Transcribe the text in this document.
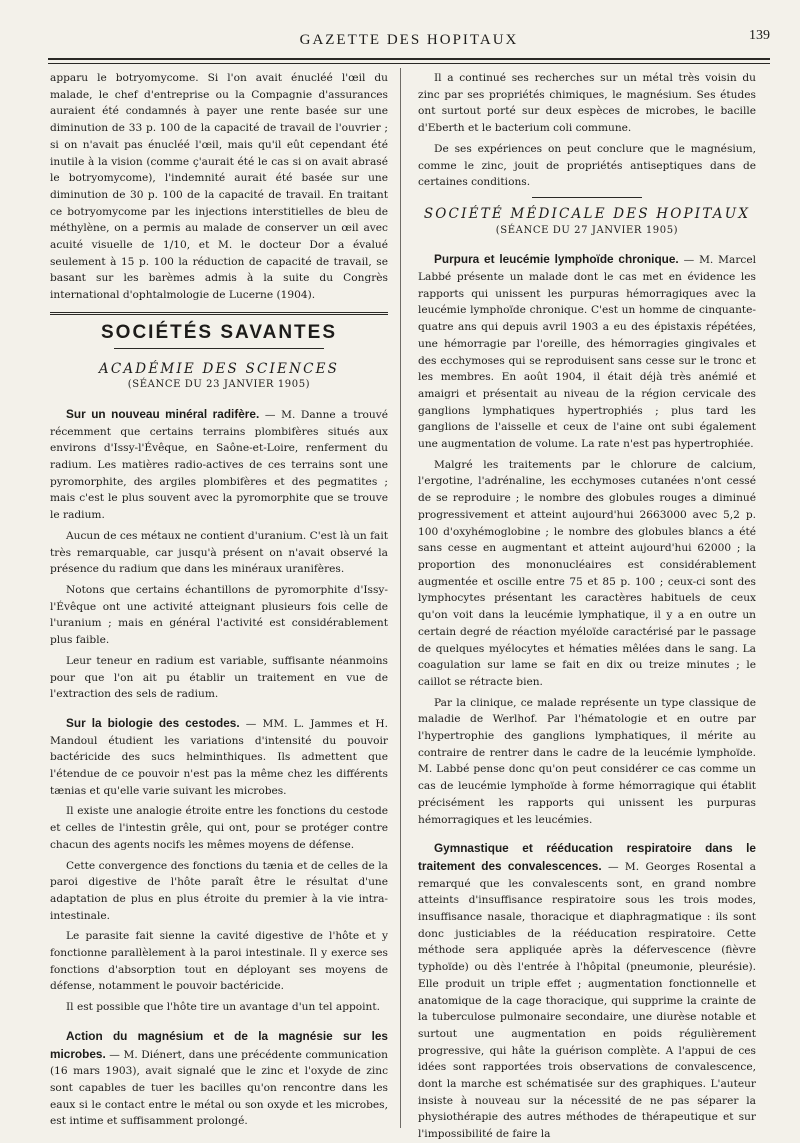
GAZETTE DES HOPITAUX	139

apparu le botryomycome. Si l'on avait énucléé l'œil du malade, le chef d'entreprise ou la Compagnie d'assurances auraient été condamnés à payer une rente basée sur une diminution de 33 p. 100 de la capacité de travail de l'ouvrier ; si on n'avait pas énucléé l'œil, mais qu'il eût cependant été inutile à la vision (comme ç'aurait été le cas si on avait abrasé le botryomycome), l'indemnité aurait été basée sur une diminution de 30 p. 100 de la capacité de travail. En traitant ce botryomycome par les injections interstitielles de bleu de méthylène, on a permis au malade de conserver un œil avec acuité visuelle de 1/10, et M. le docteur Dor a évalué seulement à 15 p. 100 la réduction de capacité de travail, se basant sur les barèmes admis à la suite du Congrès international d'ophtalmologie de Lucerne (1904).

SOCIÉTÉS SAVANTES
ACADÉMIE DES SCIENCES
(SÉANCE DU 23 JANVIER 1905)

Sur un nouveau minéral radifère. — M. Danne a trouvé récemment que certains terrains plombifères situés aux environs d'Issy-l'Évêque, en Saône-et-Loire, renferment du radium. Les matières radio-actives de ces terrains sont une pyromorphite, des argiles plombifères et des pegmatites ; mais c'est le plus souvent avec la pyromorphite que se trouve le radium.

Aucun de ces métaux ne contient d'uranium. C'est là un fait très remarquable, car jusqu'à présent on n'avait observé la présence du radium que dans les minéraux uranifères.

Notons que certains échantillons de pyromorphite d'Issy-l'Évêque ont une activité atteignant plusieurs fois celle de l'uranium ; mais en général l'activité est considérablement plus faible.

Leur teneur en radium est variable, suffisante néanmoins pour que l'on ait pu établir un traitement en vue de l'extraction des sels de radium.

Sur la biologie des cestodes. — MM. L. Jammes et H. Mandoul étudient les variations d'intensité du pouvoir bactéricide des sucs helminthiques. Ils admettent que l'étendue de ce pouvoir n'est pas la même chez les différents tænias et qu'elle varie suivant les microbes.

Il existe une analogie étroite entre les fonctions du cestode et celles de l'intestin grêle, qui ont, pour se protéger contre chacun des agents nocifs les mêmes moyens de défense.

Cette convergence des fonctions du tænia et de celles de la paroi digestive de l'hôte paraît être le résultat d'une adaptation de plus en plus étroite du premier à la vie intra-intestinale.

Le parasite fait sienne la cavité digestive de l'hôte et y fonctionne parallèlement à la paroi intestinale. Il y exerce ses fonctions d'absorption tout en déployant ses moyens de défense, notamment le pouvoir bactéricide.

Il est possible que l'hôte tire un avantage d'un tel appoint.

Action du magnésium et de la magnésie sur les microbes. — M. Diénert, dans une précédente communication (16 mars 1903), avait signalé que le zinc et l'oxyde de zinc sont capables de tuer les bacilles qu'on rencontre dans les eaux si le contact entre le métal ou son oxyde et les microbes, est intime et suffisamment prolongé.

Il a continué ses recherches sur un métal très voisin du zinc par ses propriétés chimiques, le magnésium. Ses études ont surtout porté sur deux espèces de microbes, le bacille d'Eberth et le bacterium coli commune.

De ses expériences on peut conclure que le magnésium, comme le zinc, jouit de propriétés antiseptiques dans de certaines conditions.

SOCIÉTÉ MÉDICALE DES HOPITAUX
(SÉANCE DU 27 JANVIER 1905)

Purpura et leucémie lymphoïde chronique. — M. Marcel Labbé présente un malade dont le cas met en évidence les rapports qui unissent les purpuras hémorragiques avec la leucémie lymphoïde chronique. C'est un homme de cinquante-quatre ans qui depuis avril 1903 a eu des épistaxis répétées, une hémorragie par l'oreille, des hémorragies gingivales et des ecchymoses qui se reproduisent sans cesse sur le tronc et les membres. En août 1904, il était déjà très anémié et amaigri et présentait au niveau de la région cervicale des ganglions lymphatiques hypertrophiés ; plus tard les ganglions de l'aisselle et ceux de l'aine ont subi également une augmentation de volume. La rate n'est pas hypertrophiée.

Malgré les traitements par le chlorure de calcium, l'ergotine, l'adrénaline, les ecchymoses cutanées n'ont cessé de se reproduire ; le nombre des globules rouges a diminué progressivement et atteint aujourd'hui 2663000 avec 5,2 p. 100 d'oxyhémoglobine ; le nombre des globules blancs a été sans cesse en augmentant et atteint aujourd'hui 62000 ; la proportion des mononucléaires est considérablement augmentée et oscille entre 75 et 85 p. 100 ; ceux-ci sont des lymphocytes présentant les caractères habituels de ceux qu'on voit dans la leucémie lymphatique, il y a en outre un certain degré de réaction myéloïde caractérisé par le passage de quelques myélocytes et hématies mêlées dans le sang. La coagulation sur lame se fait en dix ou treize minutes ; le caillot se rétracte bien.

Par la clinique, ce malade représente un type classique de maladie de Werlhof. Par l'hématologie et en outre par l'hypertrophie des ganglions lymphatiques, il mérite au contraire de rentrer dans le cadre de la leucémie lymphoïde. M. Labbé pense donc qu'on peut considérer ce cas comme un cas de leucémie lymphoïde à forme hémorragique qui établit précisément les rapports qui unissent les purpuras hémorragiques et les leucémies.

Gymnastique et rééducation respiratoire dans le traitement des convalescences. — M. Georges Rosental a remarqué que les convalescents sont, en grand nombre atteints d'insuffisance respiratoire sous les trois modes, insuffisance nasale, thoracique et diaphragmatique : ils sont donc justiciables de la rééducation respiratoire. Cette méthode sera appliquée après la défervescence (fièvre typhoïde) ou dès l'entrée à l'hôpital (pneumonie, pleurésie). Elle produit un triple effet ; augmentation fonctionnelle et anatomique de la cage thoracique, qui supprime la crainte de la tuberculose pulmonaire secondaire, une diurèse notable et surtout une augmentation en poids régulièrement progressive, qui hâte la guérison complète. A l'appui de ces idées sont rapportées trois observations de convalescence, dont la marche est schématisée sur des graphiques. L'auteur insiste à nouveau sur la nécessité de ne pas séparer la physiothérapie des autres méthodes de thérapeutique et sur l'impossibilité de faire la
